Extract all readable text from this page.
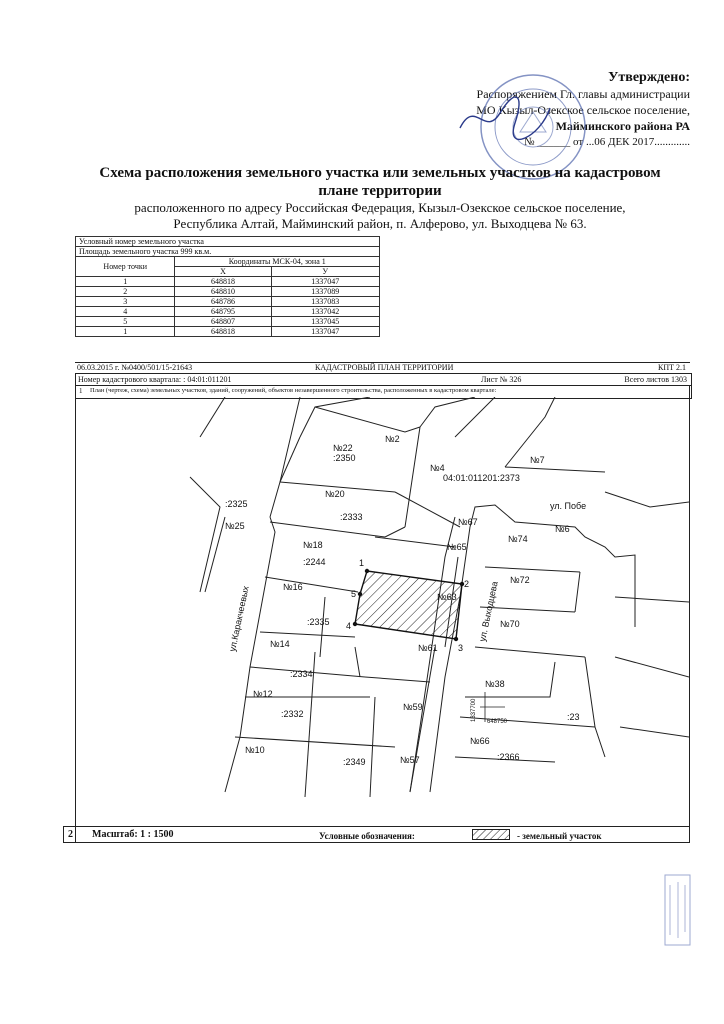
Утверждено:
Распоряжением Гл. главы администрации
МО Кызыл-Озекское сельское поселение,
Майминского района РА
№ ______ от ...06 ДЕК 2017.............
Схема расположения земельного участка или земельных участков на кадастровом
плане территории
расположенного по адресу Российская Федерация, Кызыл-Озекское сельское поселение,
Республика Алтай, Майминский район, п. Алферово, ул. Выходцева № 63.
Условный номер земельного участка		
Площадь земельного участка 999 кв.м.		
Номер точки	Координаты МСК-04, зона 1	
	X	У
1	648818	1337047
2	648810	1337089
3	648786	1337083
4	648795	1337042
5	648807	1337045
1	648818	1337047
06.03.2015 г. №0400/501/15-21643	КАДАСТРОВЫЙ ПЛАН ТЕРРИТОРИИ	КПТ 2.1
Номер кадастрового квартала: : 04:01:011201	Лист № 326	Всего листов 1303
1 План (чертеж, схема) земельных участков, зданий, сооружений, объектов незавершенного строительства, расположенных в кадастровом квартале:
№22
№2
:2350
№4
№7
04:01:011201:2373
№20
:2325
№25
:2333	№67
ул. Побе
№6
№74
№18	№65
:2244
№16
№72
№63
:2335
ул.Каракчеевых	ул. Выходцева №70
№14	№61
:2334
№38
№12
:2332
№59
:23
№10
:2349	№57
№66
:2366
1337700 648750
1
2
3
4
5
2 Масштаб: 1 : 1500	Условные обозначения:	- земельный участок
